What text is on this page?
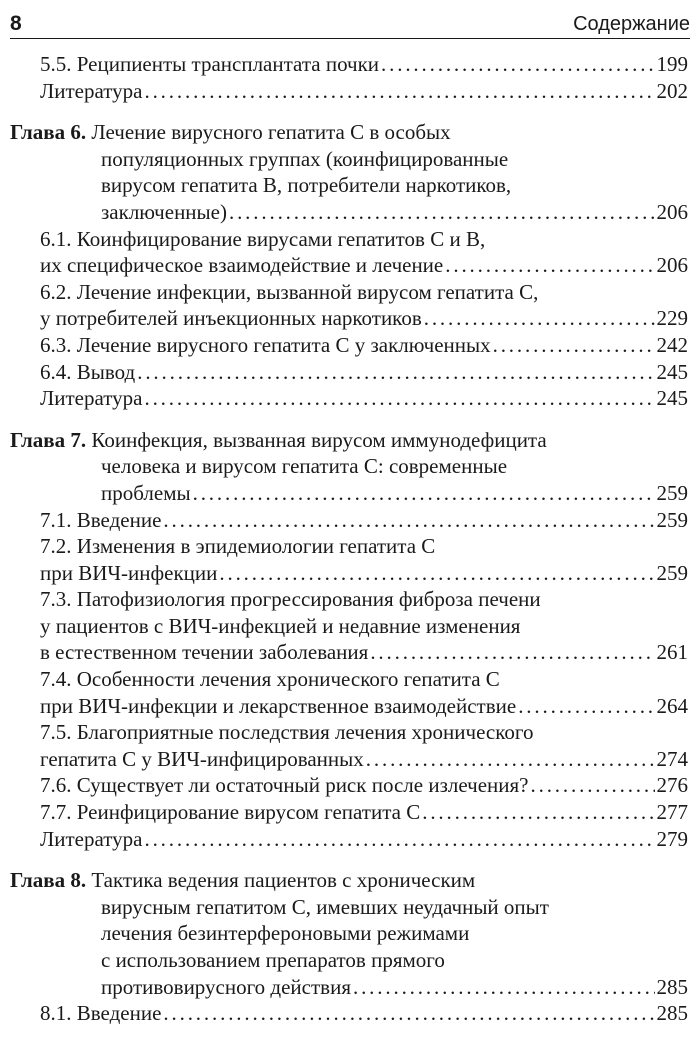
8	Содержание
5.5. Реципиенты трансплантата почки . . .	199
Литература . . .	202
Глава 6. Лечение вирусного гепатита C в особых
популяционных группах (коинфицированные
вирусом гепатита B, потребители наркотиков,
заключенные) . . .	206
6.1. Коинфицирование вирусами гепатитов C и B,
их специфическое взаимодействие и лечение . . .	206
6.2. Лечение инфекции, вызванной вирусом гепатита C,
у потребителей инъекционных наркотиков . . .	229
6.3. Лечение вирусного гепатита C у заключенных . . .	242
6.4. Вывод . . .	245
Литература . . .	245
Глава 7. Коинфекция, вызванная вирусом иммунодефицита
человека и вирусом гепатита C: современные
проблемы . . .	259
7.1. Введение . . .	259
7.2. Изменения в эпидемиологии гепатита C
при ВИЧ-инфекции . . .	259
7.3. Патофизиология прогрессирования фиброза печени
у пациентов с ВИЧ-инфекцией и недавние изменения
в естественном течении заболевания . . .	261
7.4. Особенности лечения хронического гепатита C
при ВИЧ-инфекции и лекарственное взаимодействие . . .	264
7.5. Благоприятные последствия лечения хронического
гепатита C у ВИЧ-инфицированных . . .	274
7.6. Существует ли остаточный риск после излечения? . . .	276
7.7. Реинфицирование вирусом гепатита C . . .	277
Литература . . .	279
Глава 8. Тактика ведения пациентов с хроническим
вирусным гепатитом C, имевших неудачный опыт
лечения безинтерфероновыми режимами
с использованием препаратов прямого
противовирусного действия . . .	285
8.1. Введение . . .	285
